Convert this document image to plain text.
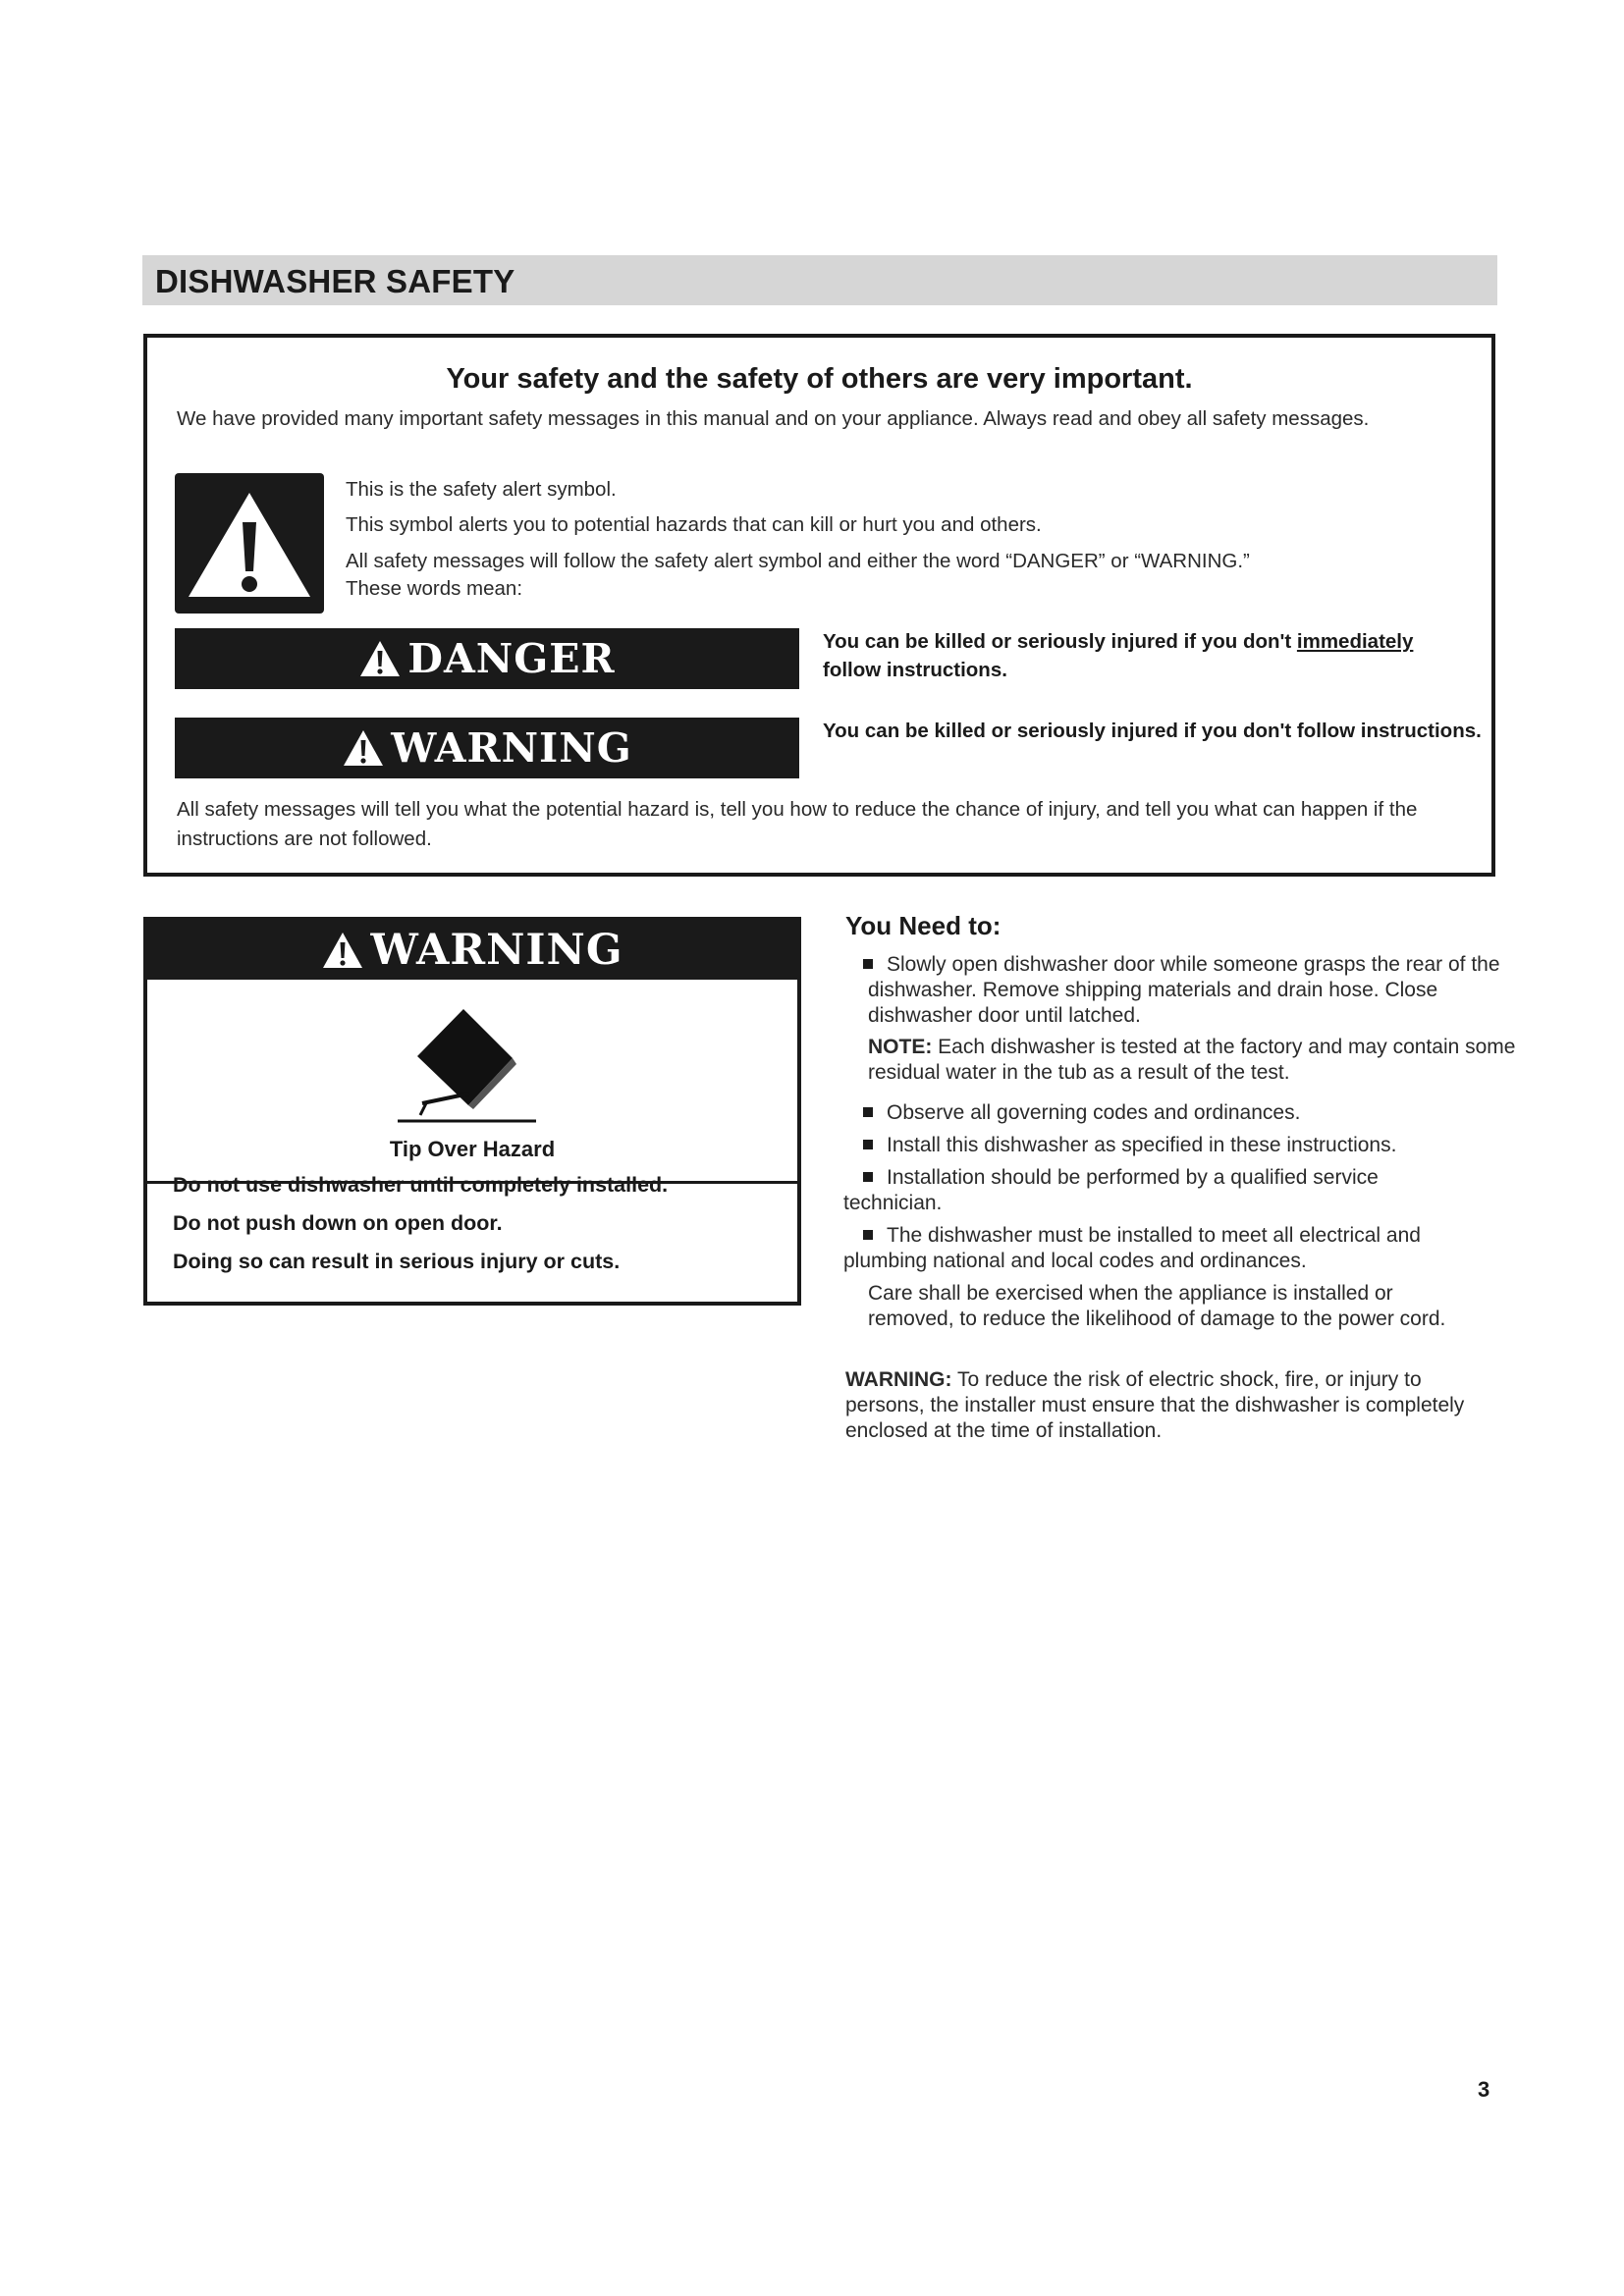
DISHWASHER SAFETY
Your safety and the safety of others are very important.
We have provided many important safety messages in this manual and on your appliance. Always read and obey all safety messages.
This is the safety alert symbol.
This symbol alerts you to potential hazards that can kill or hurt you and others.
All safety messages will follow the safety alert symbol and either the word “DANGER” or “WARNING.”
These words mean:
DANGER	You can be killed or seriously injured if you don't immediately
follow instructions.
WARNING	You can be killed or seriously injured if you don't follow instructions.
All safety messages will tell you what the potential hazard is, tell you how to reduce the chance of injury, and tell you what can happen if the instructions are not followed.
WARNING
Tip Over Hazard
Do not use dishwasher until completely installed.
Do not push down on open door.
Doing so can result in serious injury or cuts.
You Need to:
Slowly open dishwasher door while someone grasps the rear of the dishwasher. Remove shipping materials and drain hose. Close dishwasher door until latched.
NOTE: Each dishwasher is tested at the factory and may contain some residual water in the tub as a result of the test.
Observe all governing codes and ordinances.
Install this dishwasher as specified in these instructions.
Installation should be performed by a qualified service technician.
The dishwasher must be installed to meet all electrical and plumbing national and local codes and ordinances.
Care shall be exercised when the appliance is installed or removed, to reduce the likelihood of damage to the power cord.
WARNING: To reduce the risk of electric shock, fire, or injury to persons, the installer must ensure that the dishwasher is completely enclosed at the time of installation.
3
